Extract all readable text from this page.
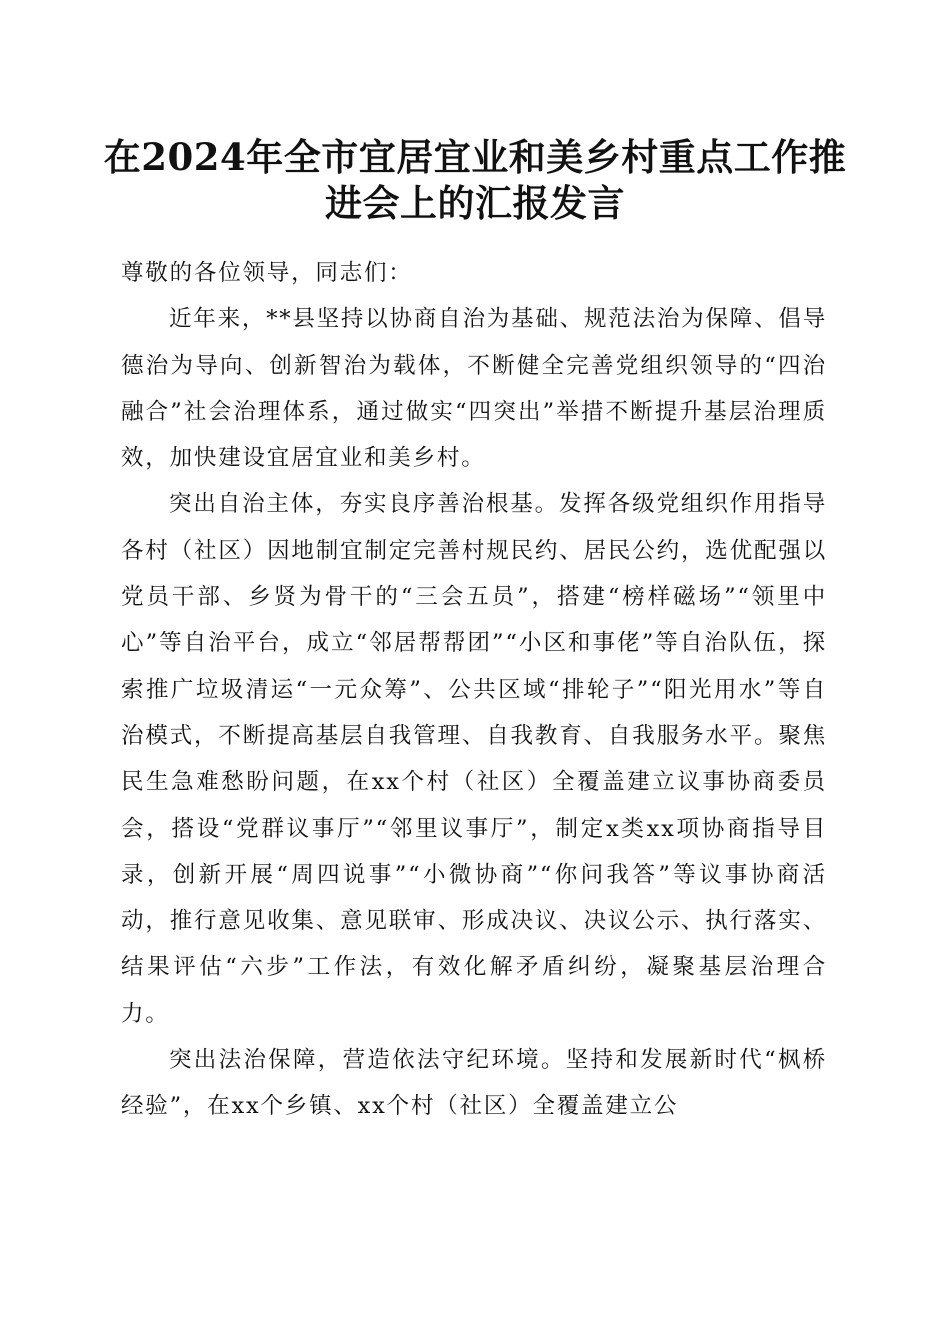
在2024年全市宜居宜业和美乡村重点工作推
进会上的汇报发言

尊敬的各位领导，同志们：

近年来，**县坚持以协商自治为基础、规范法治为保障、倡导德治为导向、创新智治为载体，不断健全完善党组织领导的“四治融合”社会治理体系，通过做实“四突出”举措不断提升基层治理质效，加快建设宜居宜业和美乡村。

突出自治主体，夯实良序善治根基。发挥各级党组织作用指导各村（社区）因地制宜制定完善村规民约、居民公约，选优配强以党员干部、乡贤为骨干的“三会五员”，搭建“榜样磁场”“领里中心”等自治平台，成立“邻居帮帮团”“小区和事佬”等自治队伍，探索推广垃圾清运“一元众筹”、公共区域“排轮子”“阳光用水”等自治模式，不断提高基层自我管理、自我教育、自我服务水平。聚焦民生急难愁盼问题，在xx个村（社区）全覆盖建立议事协商委员会，搭设“党群议事厅”“邻里议事厅”，制定x类xx项协商指导目录，创新开展“周四说事”“小微协商”“你问我答”等议事协商活动，推行意见收集、意见联审、形成决议、决议公示、执行落实、结果评估“六步”工作法，有效化解矛盾纠纷，凝聚基层治理合力。

突出法治保障，营造依法守纪环境。坚持和发展新时代“枫桥经验”，在xx个乡镇、xx个村（社区）全覆盖建立公
